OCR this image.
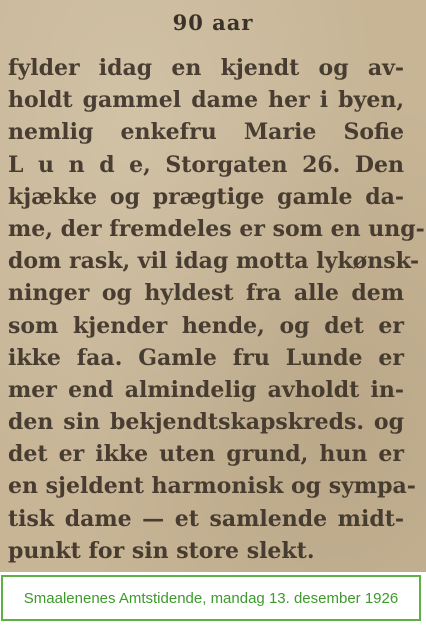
90 aar
fylder idag en kjendt og av-
holdt gammel dame her i byen,
nemlig enkefru Marie Sofie
L u n d e, Storgaten 26. Den
kjække og prægtige gamle da-
me, der fremdeles er som en ung-
dom rask, vil idag motta lykønsk-
ninger og hyldest fra alle dem
som kjender hende, og det er
ikke faa. Gamle fru Lunde er
mer end almindelig avholdt in-
den sin bekjendtskapskreds. og
det er ikke uten grund, hun er
en sjeldent harmonisk og sympa-
tisk dame — et samlende midt-
punkt for sin store slekt.
Smaalenenes Amtstidende, mandag 13. desember 1926
